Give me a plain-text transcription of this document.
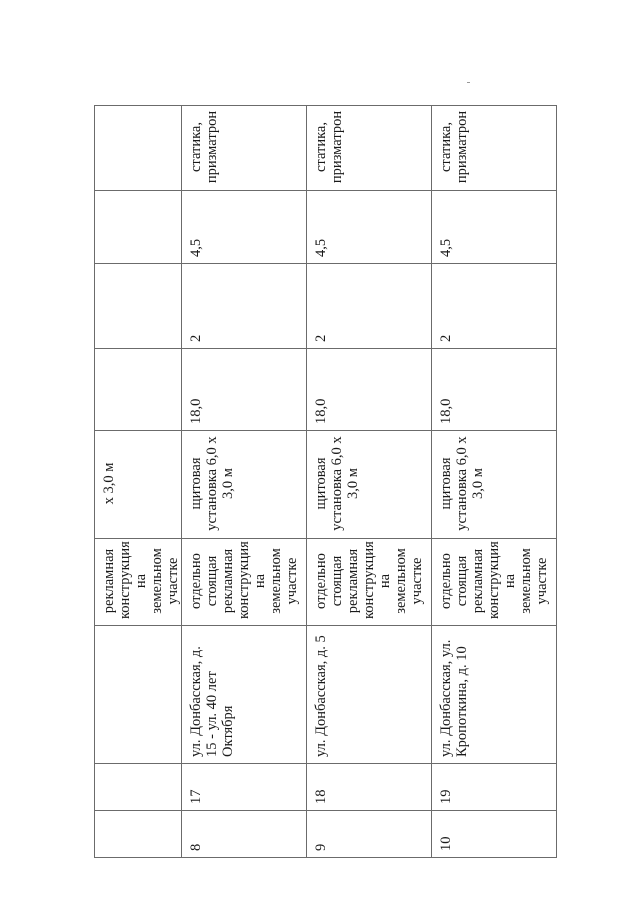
			рекламная конструкция на земельном участке	х 3,0 м				
8	17	ул. Донбасская, д. 15 - ул. 40 лет Октября	отдельно стоящая рекламная конструкция на земельном участке	щитовая установка 6,0 х 3,0 м	18,0	2	4,5	статика, призматрон
9	18	ул. Донбасская, д. 5	отдельно стоящая рекламная конструкция на земельном участке	щитовая установка 6,0 х 3,0 м	18,0	2	4,5	статика, призматрон
10	19	ул. Донбасская, ул. Кропоткина, д. 10	отдельно стоящая рекламная конструкция на земельном участке	щитовая установка 6,0 х 3,0 м	18,0	2	4,5	статика, призматрон
